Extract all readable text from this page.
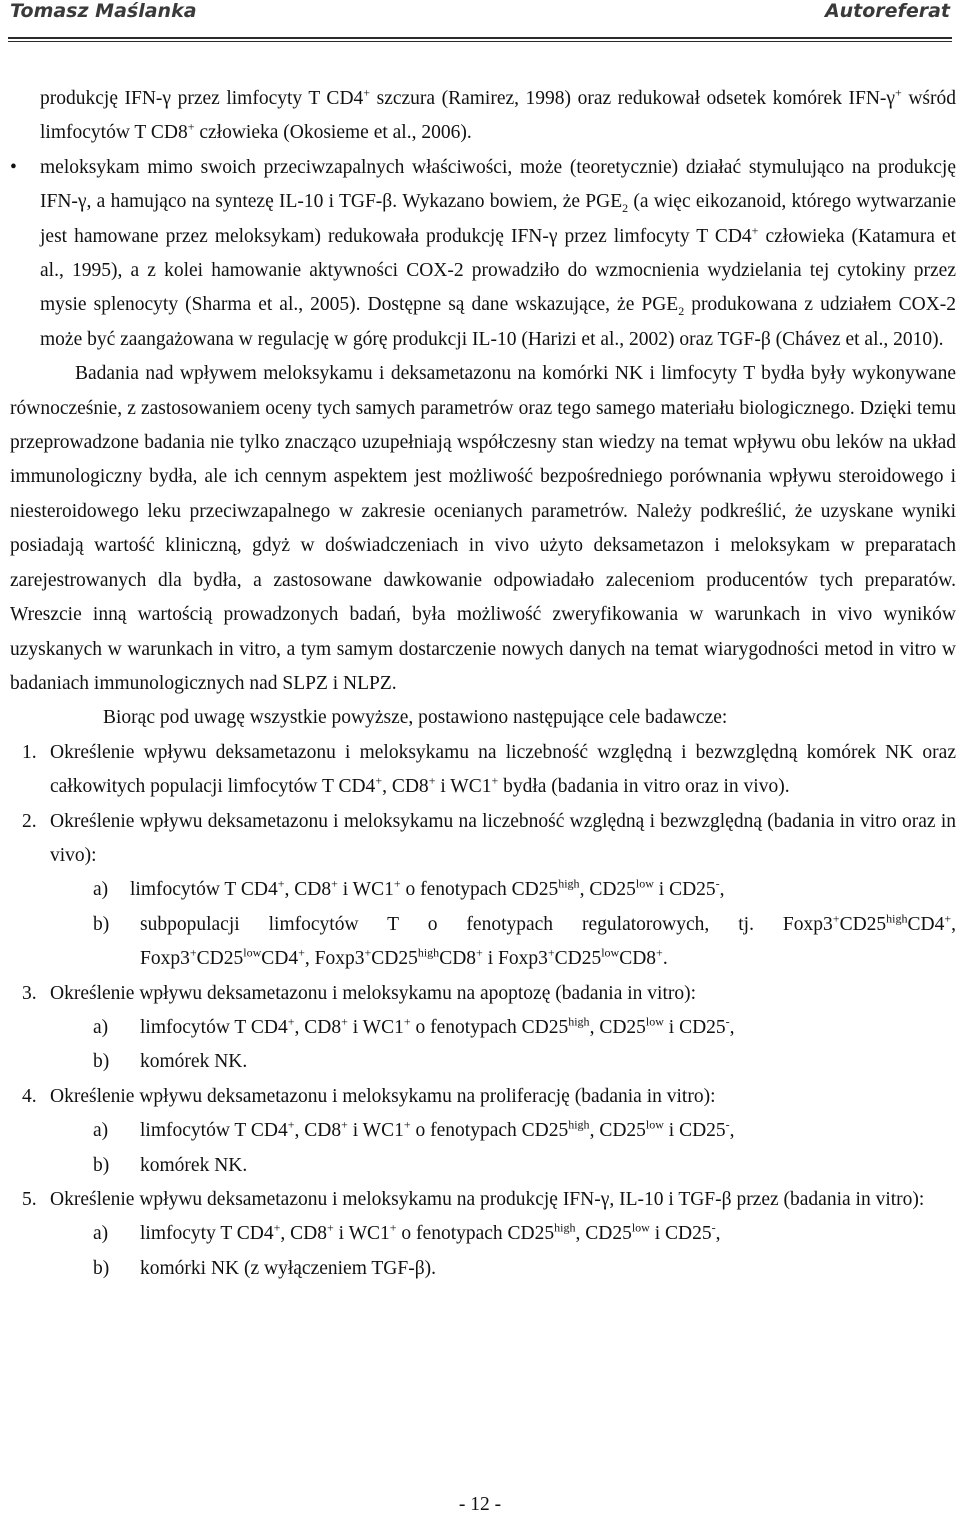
Tomasz Maślanka	Autoreferat

produkcję IFN-γ przez limfocyty T CD4+ szczura (Ramirez, 1998) oraz redukował odsetek komórek IFN-γ+ wśród limfocytów T CD8+ człowieka (Okosieme et al., 2006).

• meloksykam mimo swoich przeciwzapalnych właściwości, może (teoretycznie) działać stymulująco na produkcję IFN-γ, a hamująco na syntezę IL-10 i TGF-β. Wykazano bowiem, że $PGE_2$ (a więc eikozanoid, którego wytwarzanie jest hamowane przez meloksykam) redukowała produkcję IFN-γ przez limfocyty T CD4+ człowieka (Katamura et al., 1995), a z kolei hamowanie aktywności COX-2 prowadziło do wzmocnienia wydzielania tej cytokiny przez mysie splenocyty (Sharma et al., 2005). Dostępne są dane wskazujące, że $PGE_2$ produkowana z udziałem COX-2 może być zaangażowana w regulację w górę produkcji IL-10 (Harizi et al., 2002) oraz TGF-β (Chávez et al., 2010).

Badania nad wpływem meloksykamu i deksametazonu na komórki NK i limfocyty T bydła były wykonywane równocześnie, z zastosowaniem oceny tych samych parametrów oraz tego samego materiału biologicznego. Dzięki temu przeprowadzone badania nie tylko znacząco uzupełniają współczesny stan wiedzy na temat wpływu obu leków na układ immunologiczny bydła, ale ich cennym aspektem jest możliwość bezpośredniego porównania wpływu steroidowego i niesteroidowego leku przeciwzapalnego w zakresie ocenianych parametrów. Należy podkreślić, że uzyskane wyniki posiadają wartość kliniczną, gdyż w doświadczeniach in vivo użyto deksametazon i meloksykam w preparatach zarejestrowanych dla bydła, a zastosowane dawkowanie odpowiadało zaleceniom producentów tych preparatów. Wreszcie inną wartością prowadzonych badań, była możliwość zweryfikowania w warunkach in vivo wyników uzyskanych w warunkach in vitro, a tym samym dostarczenie nowych danych na temat wiarygodności metod in vitro w badaniach immunologicznych nad SLPZ i NLPZ.

Biorąc pod uwagę wszystkie powyższe, postawiono następujące cele badawcze:

1. Określenie wpływu deksametazonu i meloksykamu na liczebność względną i bezwzględną komórek NK oraz całkowitych populacji limfocytów T CD4+, CD8+ i WC1+ bydła (badania in vitro oraz in vivo).

2. Określenie wpływu deksametazonu i meloksykamu na liczebność względną i bezwzględną (badania in vitro oraz in vivo):

a) limfocytów T CD4+, CD8+ i WC1+ o fenotypach $CD25^{high}$, $CD25^{low}$ i CD25-,

b) subpopulacji limfocytów T o fenotypach regulatorowych, tj. $Foxp3^+CD25^{high}CD4^+$, $Foxp3^+CD25^{low}CD4^+$, $Foxp3^+CD25^{high}CD8^+$ i $Foxp3^+CD25^{low}CD8^+$.

3. Określenie wpływu deksametazonu i meloksykamu na apoptozę (badania in vitro):

a) limfocytów T CD4+, CD8+ i WC1+ o fenotypach $CD25^{high}$, $CD25^{low}$ i CD25-,

b) komórek NK.

4. Określenie wpływu deksametazonu i meloksykamu na proliferację (badania in vitro):

a) limfocytów T CD4+, CD8+ i WC1+ o fenotypach $CD25^{high}$, $CD25^{low}$ i CD25-,

b) komórek NK.

5. Określenie wpływu deksametazonu i meloksykamu na produkcję IFN-γ, IL-10 i TGF-β przez (badania in vitro):

a) limfocyty T CD4+, CD8+ i WC1+ o fenotypach $CD25^{high}$, $CD25^{low}$ i CD25-,

b) komórki NK (z wyłączeniem TGF-β).

- 12 -
